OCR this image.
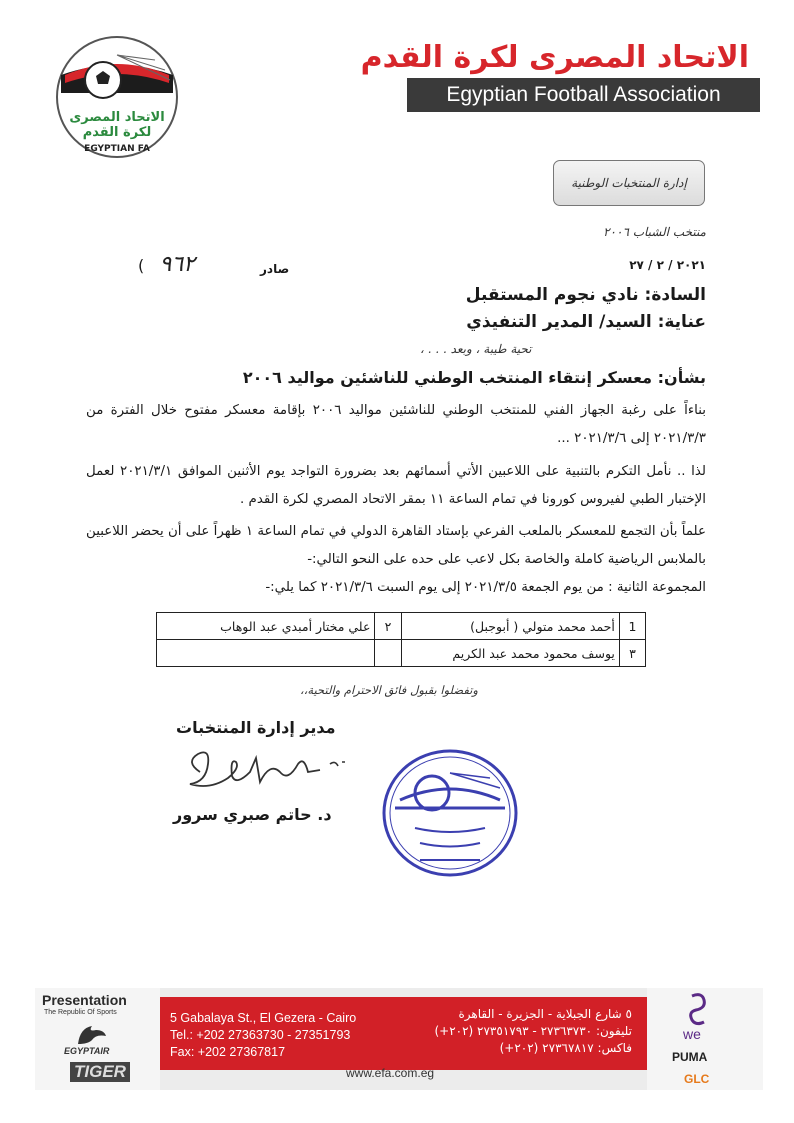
الاتحاد المصرى
لكرة القدم
EGYPTIAN FA
الاتحاد المصرى لكرة القدم
Egyptian Football Association
إدارة المنتخبات الوطنية
منتخب الشباب ٢٠٠٦
٢٠٢١ / ٢ / ٢٧
صادر
( ٩٦٢
السادة: نادي نجوم المستقبل
عناية: السيد/ المدير التنفيذي
تحية طيبة ، وبعد . . . ،
بشأن: معسكر إنتقاء المنتخب الوطني للناشئين مواليد ٢٠٠٦
بناءاً على رغبة الجهاز الفني للمنتخب الوطني للناشئين مواليد ٢٠٠٦ بإقامة معسكر مفتوح خلال الفترة من ٢٠٢١/٣/٣ إلى ٢٠٢١/٣/٦ ...
لذا .. نأمل التكرم بالتنبية على اللاعبين الأتي أسمائهم بعد بضرورة التواجد يوم الأثنين الموافق ٢٠٢١/٣/١ لعمل الإختبار الطبي لفيروس كورونا في تمام الساعة ١١ بمقر الاتحاد المصري لكرة القدم .
علماً بأن التجمع للمعسكر بالملعب الفرعي بإستاد القاهرة الدولي في تمام الساعة ١ ظهراً على أن يحضر اللاعبين بالملابس الرياضية كاملة والخاصة بكل لاعب على حده على النحو التالي:-
المجموعة الثانية : من يوم الجمعة ٢٠٢١/٣/٥ إلى يوم السبت ٢٠٢١/٣/٦ كما يلي:-
1	أحمد محمد متولي ( أبوجبل)	٢	علي مختار أمبدي عبد الوهاب
٣	يوسف محمود محمد عبد الكريم		
وتفضلوا بقبول فائق الاحترام والتحية،،
مدير إدارة المنتخبات
د. حاتم صبري سرور
Presentation
The Republic Of Sports
EGYPTAIR
TIGER
5 Gabalaya St., El Gezera - Cairo
Tel.: +202 27363730 - 27351793
Fax: +202 27367817
٥ شارع الجبلاية - الجزيرة - القاهرة
تليفون: ٢٧٣٦٣٧٣٠ - ٢٧٣٥١٧٩٣ (٢٠٢+)
فاكس: ٢٧٣٦٧٨١٧ (٢٠٢+)
www.efa.com.eg
we
PUMA
GLC
